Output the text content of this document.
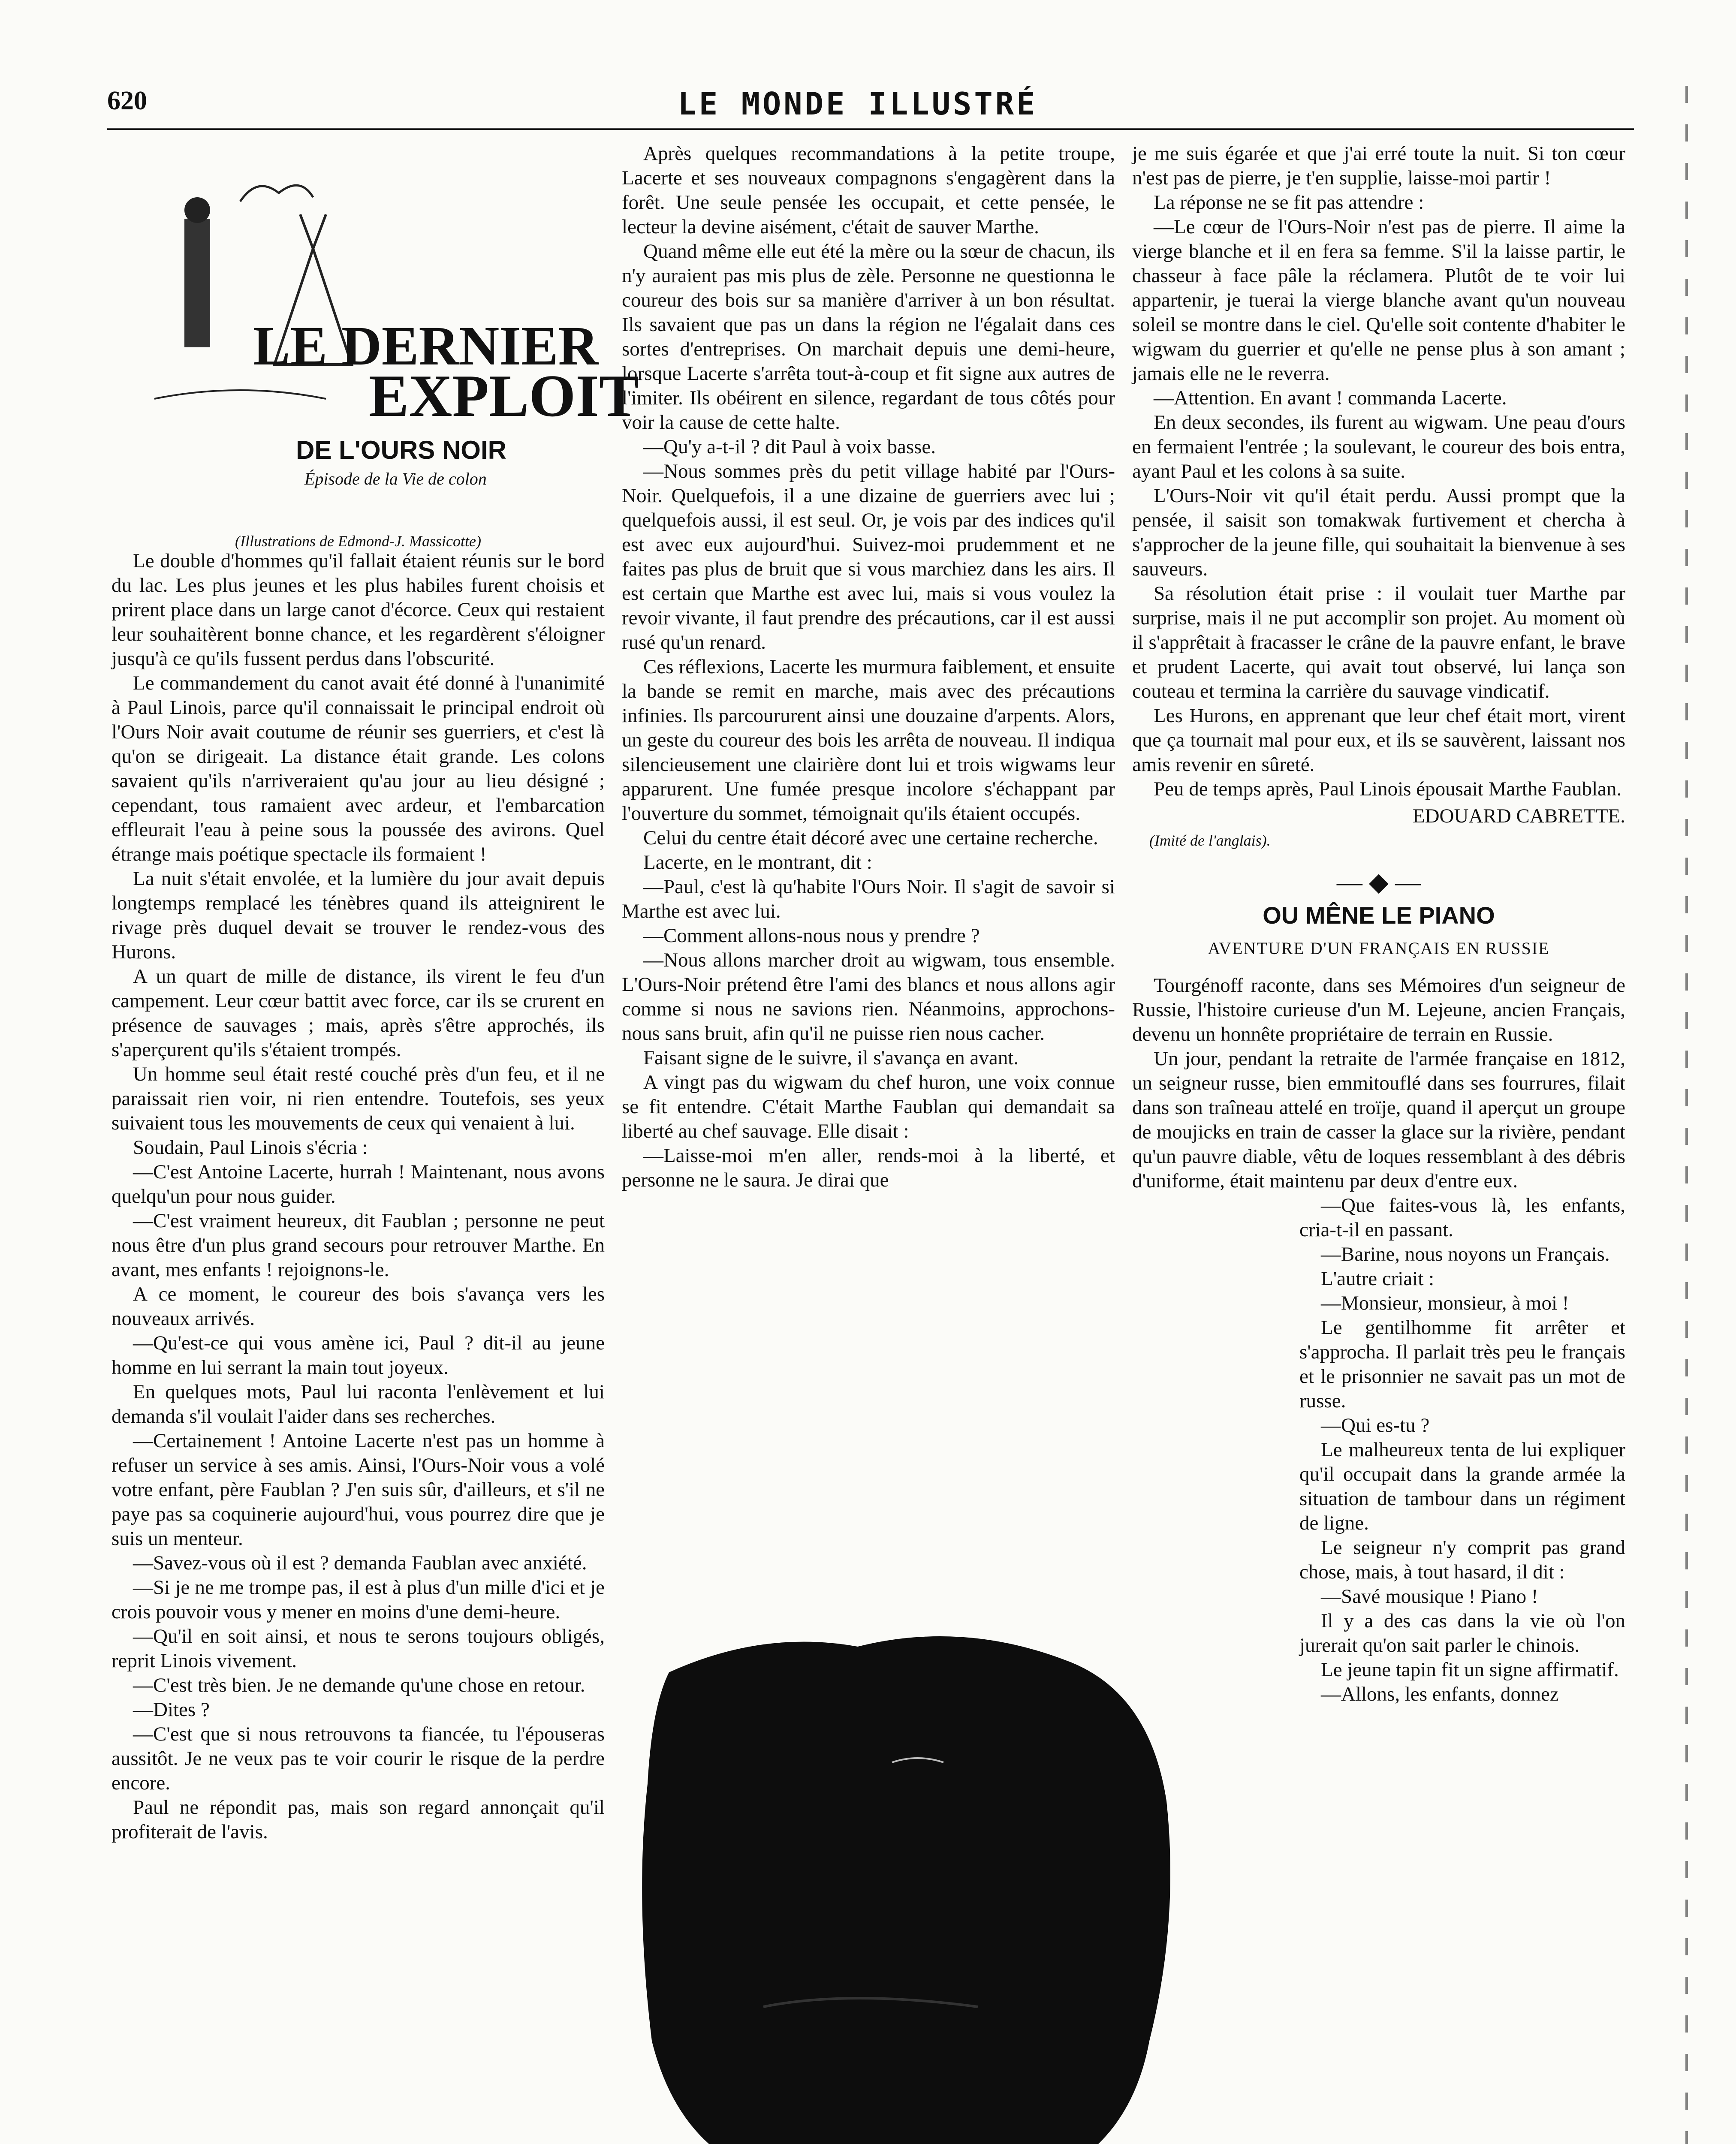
620	LE MONDE ILLUSTRÉ
LE DERNIER
EXPLOIT
DE L'OURS NOIR
Épisode de la Vie de colon
(Illustrations de Edmond-J. Massicotte)

Le double d'hommes qu'il fallait étaient réunis sur le bord du lac. Les plus jeunes et les plus habiles furent choisis et prirent place dans un large canot d'écorce. Ceux qui restaient leur souhaitèrent bonne chance, et les regardèrent s'éloigner jusqu'à ce qu'ils fussent perdus dans l'obscurité.

Le commandement du canot avait été donné à l'unanimité à Paul Linois, parce qu'il connaissait le principal endroit où l'Ours Noir avait coutume de réunir ses guerriers, et c'est là qu'on se dirigeait. La distance était grande. Les colons savaient qu'ils n'arriveraient qu'au jour au lieu désigné ; cependant, tous ramaient avec ardeur, et l'embarcation effleurait l'eau à peine sous la poussée des avirons. Quel étrange mais poétique spectacle ils formaient !

La nuit s'était envolée, et la lumière du jour avait depuis longtemps remplacé les ténèbres quand ils atteignirent le rivage près duquel devait se trouver le rendez-vous des Hurons.

A un quart de mille de distance, ils virent le feu d'un campement. Leur cœur battit avec force, car ils se crurent en présence de sauvages ; mais, après s'être approchés, ils s'aperçurent qu'ils s'étaient trompés.

Un homme seul était resté couché près d'un feu, et il ne paraissait rien voir, ni rien entendre. Toutefois, ses yeux suivaient tous les mouvements de ceux qui venaient à lui.

Soudain, Paul Linois s'écria :

—C'est Antoine Lacerte, hurrah ! Maintenant, nous avons quelqu'un pour nous guider.

—C'est vraiment heureux, dit Faublan ; personne ne peut nous être d'un plus grand secours pour retrouver Marthe. En avant, mes enfants ! rejoignons-le.

A ce moment, le coureur des bois s'avança vers les nouveaux arrivés.

—Qu'est-ce qui vous amène ici, Paul ? dit-il au jeune homme en lui serrant la main tout joyeux.

En quelques mots, Paul lui raconta l'enlèvement et lui demanda s'il voulait l'aider dans ses recherches.

—Certainement ! Antoine Lacerte n'est pas un homme à refuser un service à ses amis. Ainsi, l'Ours-Noir vous a volé votre enfant, père Faublan ? J'en suis sûr, d'ailleurs, et s'il ne paye pas sa coquinerie aujourd'hui, vous pourrez dire que je suis un menteur.

—Savez-vous où il est ? demanda Faublan avec anxiété.

—Si je ne me trompe pas, il est à plus d'un mille d'ici et je crois pouvoir vous y mener en moins d'une demi-heure.

—Qu'il en soit ainsi, et nous te serons toujours obligés, reprit Linois vivement.

—C'est très bien. Je ne demande qu'une chose en retour.

—Dites ?

—C'est que si nous retrouvons ta fiancée, tu l'épouseras aussitôt. Je ne veux pas te voir courir le risque de la perdre encore.

Paul ne répondit pas, mais son regard annonçait qu'il profiterait de l'avis.

Après quelques recommandations à la petite troupe, Lacerte et ses nouveaux compagnons s'engagèrent dans la forêt. Une seule pensée les occupait, et cette pensée, le lecteur la devine aisément, c'était de sauver Marthe.

Quand même elle eut été la mère ou la sœur de chacun, ils n'y auraient pas mis plus de zèle. Personne ne questionna le coureur des bois sur sa manière d'arriver à un bon résultat. Ils savaient que pas un dans la région ne l'égalait dans ces sortes d'entreprises. On marchait depuis une demi-heure, lorsque Lacerte s'arrêta tout-à-coup et fit signe aux autres de l'imiter. Ils obéirent en silence, regardant de tous côtés pour voir la cause de cette halte.

—Qu'y a-t-il ? dit Paul à voix basse.

—Nous sommes près du petit village habité par l'Ours-Noir. Quelquefois, il a une dizaine de guerriers avec lui ; quelquefois aussi, il est seul. Or, je vois par des indices qu'il est avec eux aujourd'hui. Suivez-moi prudemment et ne faites pas plus de bruit que si vous marchiez dans les airs. Il est certain que Marthe est avec lui, mais si vous voulez la revoir vivante, il faut prendre des précautions, car il est aussi rusé qu'un renard.

Ces réflexions, Lacerte les murmura faiblement, et ensuite la bande se remit en marche, mais avec des précautions infinies. Ils parcoururent ainsi une douzaine d'arpents. Alors, un geste du coureur des bois les arrêta de nouveau. Il indiqua silencieusement une clairière dont lui et trois wigwams leur apparurent. Une fumée presque incolore s'échappant par l'ouverture du sommet, témoignait qu'ils étaient occupés.

Celui du centre était décoré avec une certaine recherche.

Lacerte, en le montrant, dit :

—Paul, c'est là qu'habite l'Ours Noir. Il s'agit de savoir si Marthe est avec lui.

—Comment allons-nous nous y prendre ?

—Nous allons marcher droit au wigwam, tous ensemble. L'Ours-Noir prétend être l'ami des blancs et nous allons agir comme si nous ne savions rien. Néanmoins, approchons-nous sans bruit, afin qu'il ne puisse rien nous cacher.

Faisant signe de le suivre, il s'avança en avant.

A vingt pas du wigwam du chef huron, une voix connue se fit entendre. C'était Marthe Faublan qui demandait sa liberté au chef sauvage. Elle disait :

—Laisse-moi m'en aller, rends-moi à la liberté, et personne ne le saura. Je dirai que

je me suis égarée et que j'ai erré toute la nuit. Si ton cœur n'est pas de pierre, je t'en supplie, laisse-moi partir !

La réponse ne se fit pas attendre :

—Le cœur de l'Ours-Noir n'est pas de pierre. Il aime la vierge blanche et il en fera sa femme. S'il la laisse partir, le chasseur à face pâle la réclamera. Plutôt de te voir lui appartenir, je tuerai la vierge blanche avant qu'un nouveau soleil se montre dans le ciel. Qu'elle soit contente d'habiter le wigwam du guerrier et qu'elle ne pense plus à son amant ; jamais elle ne le reverra.

—Attention. En avant ! commanda Lacerte.

En deux secondes, ils furent au wigwam. Une peau d'ours en fermaient l'entrée ; la soulevant, le coureur des bois entra, ayant Paul et les colons à sa suite.

L'Ours-Noir vit qu'il était perdu. Aussi prompt que la pensée, il saisit son tomakwak furtivement et chercha à s'approcher de la jeune fille, qui souhaitait la bienvenue à ses sauveurs.

Sa résolution était prise : il voulait tuer Marthe par surprise, mais il ne put accomplir son projet. Au moment où il s'apprêtait à fracasser le crâne de la pauvre enfant, le brave et prudent Lacerte, qui avait tout observé, lui lança son couteau et termina la carrière du sauvage vindicatif.

Les Hurons, en apprenant que leur chef était mort, virent que ça tournait mal pour eux, et ils se sauvèrent, laissant nos amis revenir en sûreté.

Peu de temps après, Paul Linois épousait Marthe Faublan.

EDOUARD CABRETTE.
(Imité de l'anglais).
— ◆ —
OU MÊNE LE PIANO
AVENTURE D'UN FRANÇAIS EN RUSSIE

Tourgénoff raconte, dans ses Mémoires d'un seigneur de Russie, l'histoire curieuse d'un M. Lejeune, ancien Français, devenu un honnête propriétaire de terrain en Russie.

Un jour, pendant la retraite de l'armée française en 1812, un seigneur russe, bien emmitouflé dans ses fourrures, filait dans son traîneau attelé en troïje, quand il aperçut un groupe de moujicks en train de casser la glace sur la rivière, pendant qu'un pauvre diable, vêtu de loques ressemblant à des débris d'uniforme, était maintenu par deux d'entre eux.

—Que faites-vous là, les enfants, cria-t-il en passant.

—Barine, nous noyons un Français.

L'autre criait :

—Monsieur, monsieur, à moi !

Le gentilhomme fit arrêter et s'approcha. Il parlait très peu le français et le prisonnier ne savait pas un mot de russe.

—Qui es-tu ?

Le malheureux tenta de lui expliquer qu'il occupait dans la grande armée la situation de tambour dans un régiment de ligne.

Le seigneur n'y comprit pas grand chose, mais, à tout hasard, il dit :

—Savé mousique ! Piano !

Il y a des cas dans la vie où l'on jurerait qu'on sait parler le chinois.

Le jeune tapin fit un signe affirmatif.

—Allons, les enfants, donnez
